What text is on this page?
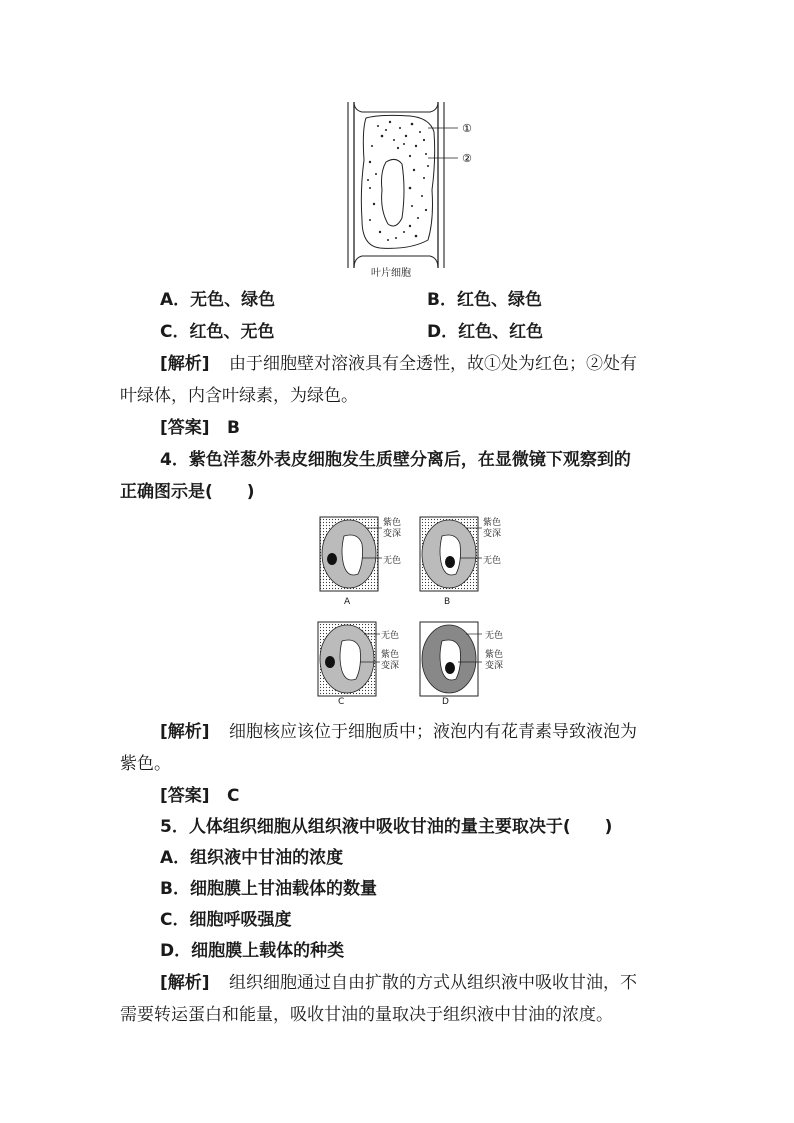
①
②
叶片细胞
A．无色、绿色	B．红色、绿色
C．红色、无色	D．红色、红色
[解析] 由于细胞壁对溶液具有全透性，故①处为红色；②处有
叶绿体，内含叶绿素，为绿色。
[答案] B
4．紫色洋葱外表皮细胞发生质壁分离后，在显微镜下观察到的
正确图示是(　　)
紫色
变深
无色
A
紫色
变深
无色
B
无色
紫色
变深
C
无色
紫色
变深
D
[解析] 细胞核应该位于细胞质中；液泡内有花青素导致液泡为
紫色。
[答案] C
5．人体组织细胞从组织液中吸收甘油的量主要取决于(　　)
A．组织液中甘油的浓度
B．细胞膜上甘油载体的数量
C．细胞呼吸强度
D．细胞膜上载体的种类
[解析] 组织细胞通过自由扩散的方式从组织液中吸收甘油，不
需要转运蛋白和能量，吸收甘油的量取决于组织液中甘油的浓度。
